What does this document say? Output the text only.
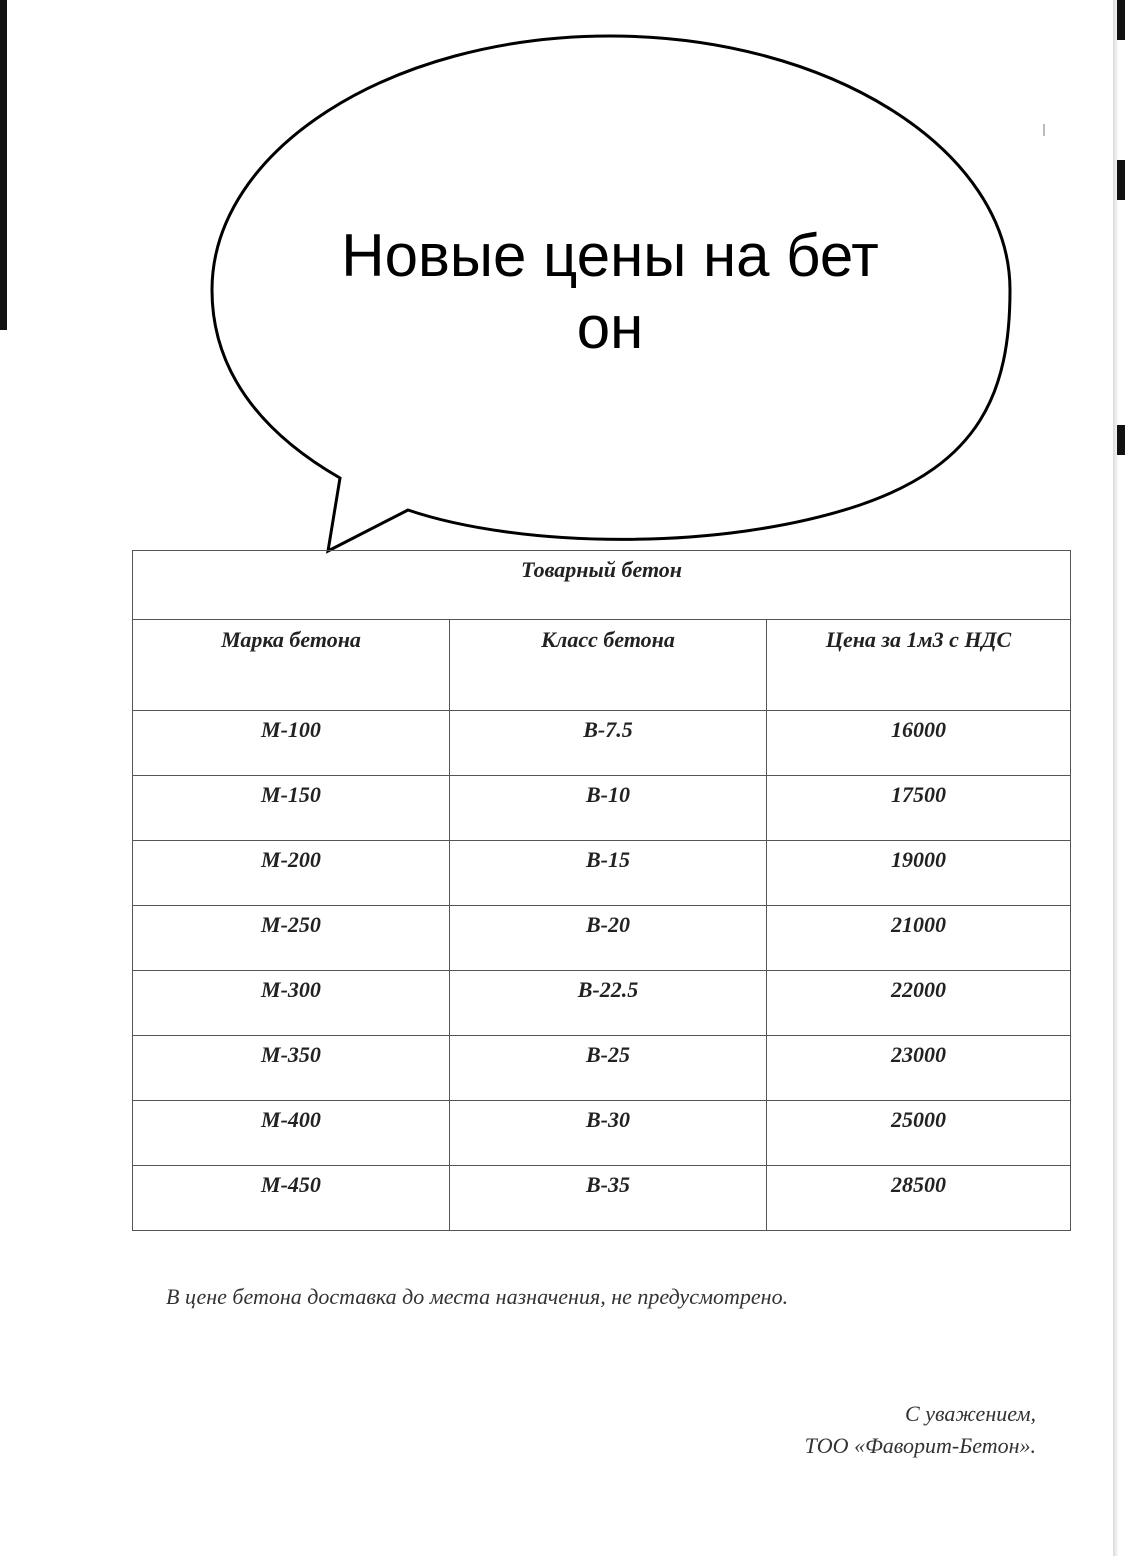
Новые цены на бет он
Товарный бетон		
Марка бетона	Класс бетона	Цена за 1м3 с НДС
М-100	В-7.5	16000
М-150	В-10	17500
М-200	В-15	19000
М-250	В-20	21000
М-300	В-22.5	22000
М-350	В-25	23000
М-400	В-30	25000
М-450	В-35	28500

В цене бетона доставка до места назначения, не предусмотрено.

С уважением,
ТОО «Фаворит-Бетон».
